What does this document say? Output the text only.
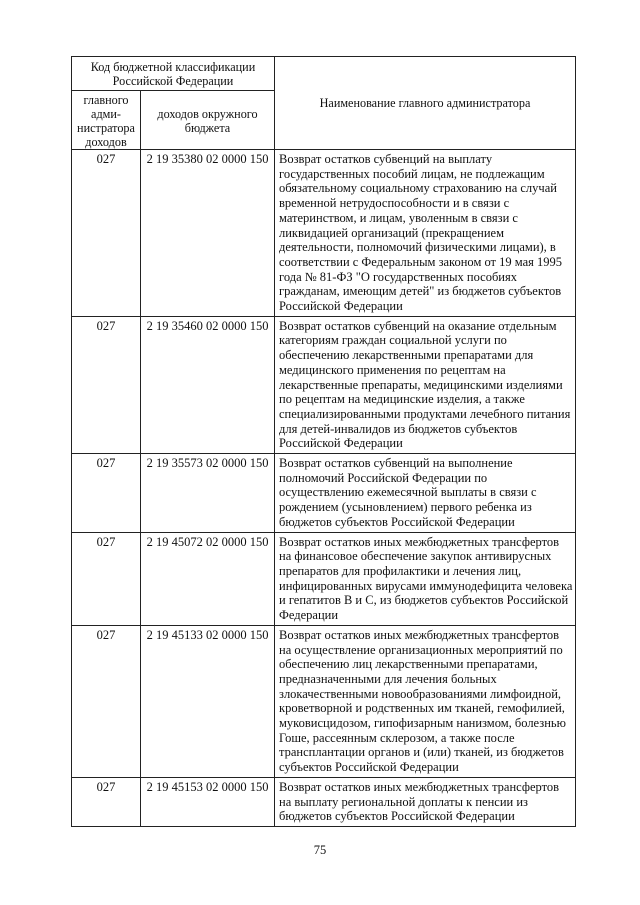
Код бюджетной классификации Российской Федерации		Наименование главного администратора
главного адми-нистратора доходов	доходов окружного бюджета	
027	2 19 35380 02 0000 150	Возврат остатков субвенций на выплату государственных пособий лицам, не подлежащим обязательному социальному страхованию на случай временной нетрудоспособности и в связи с материнством, и лицам, уволенным в связи с ликвидацией организаций (прекращением деятельности, полномочий физическими лицами), в соответствии с Федеральным законом от 19 мая 1995 года № 81-ФЗ "О государственных пособиях гражданам, имеющим детей" из бюджетов субъектов Российской Федерации
027	2 19 35460 02 0000 150	Возврат остатков субвенций на оказание отдельным категориям граждан социальной услуги по обеспечению лекарственными препаратами для медицинского применения по рецептам на лекарственные препараты, медицинскими изделиями по рецептам на медицинские изделия, а также специализированными продуктами лечебного питания для детей-инвалидов из бюджетов субъектов Российской Федерации
027	2 19 35573 02 0000 150	Возврат остатков субвенций на выполнение полномочий Российской Федерации по осуществлению ежемесячной выплаты в связи с рождением (усыновлением) первого ребенка из бюджетов субъектов Российской Федерации
027	2 19 45072 02 0000 150	Возврат остатков иных межбюджетных трансфертов на финансовое обеспечение закупок антивирусных препаратов для профилактики и лечения лиц, инфицированных вирусами иммунодефицита человека и гепатитов B и C, из бюджетов субъектов Российской Федерации
027	2 19 45133 02 0000 150	Возврат остатков иных межбюджетных трансфертов на осуществление организационных мероприятий по обеспечению лиц лекарственными препаратами, предназначенными для лечения больных злокачественными новообразованиями лимфоидной, кроветворной и родственных им тканей, гемофилией, муковисцидозом, гипофизарным нанизмом, болезнью Гоше, рассеянным склерозом, а также после трансплантации органов и (или) тканей, из бюджетов субъектов Российской Федерации
027	2 19 45153 02 0000 150	Возврат остатков иных межбюджетных трансфертов на выплату региональной доплаты к пенсии из бюджетов субъектов Российской Федерации
75
